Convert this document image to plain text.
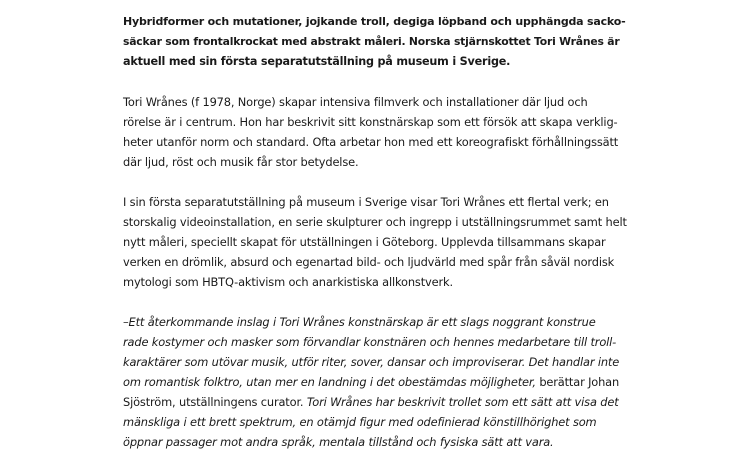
Hybridformer och mutationer, jojkande troll, degiga löpband och upphängda sacko-
säckar som frontalkrockat med abstrakt måleri. Norska stjärnskottet Tori Wrånes är
aktuell med sin första separatutställning på museum i Sverige.
Tori Wrånes (f 1978, Norge) skapar intensiva filmverk och installationer där ljud och
rörelse är i centrum. Hon har beskrivit sitt konstnärskap som ett försök att skapa verklig-
heter utanför norm och standard. Ofta arbetar hon med ett koreografiskt förhållningssätt
där ljud, röst och musik får stor betydelse.
I sin första separatutställning på museum i Sverige visar Tori Wrånes ett flertal verk; en
storskalig videoinstallation, en serie skulpturer och ingrepp i utställningsrummet samt helt
nytt måleri, speciellt skapat för utställningen i Göteborg. Upplevda tillsammans skapar
verken en drömlik, absurd och egenartad bild- och ljudvärld med spår från såväl nordisk
mytologi som HBTQ-aktivism och anarkistiska allkonstverk.
–Ett återkommande inslag i Tori Wrånes konstnärskap är ett slags noggrant konstrue
rade kostymer och masker som förvandlar konstnären och hennes medarbetare till troll-
karaktärer som utövar musik, utför riter, sover, dansar och improviserar. Det handlar inte
om romantisk folktro, utan mer en landning i det obestämdas möjligheter, berättar Johan
Sjöström, utställningens curator. Tori Wrånes har beskrivit trollet som ett sätt att visa det
mänskliga i ett brett spektrum, en otämjd figur med odefinierad könstillhörighet som
öppnar passager mot andra språk, mentala tillstånd och fysiska sätt att vara.
